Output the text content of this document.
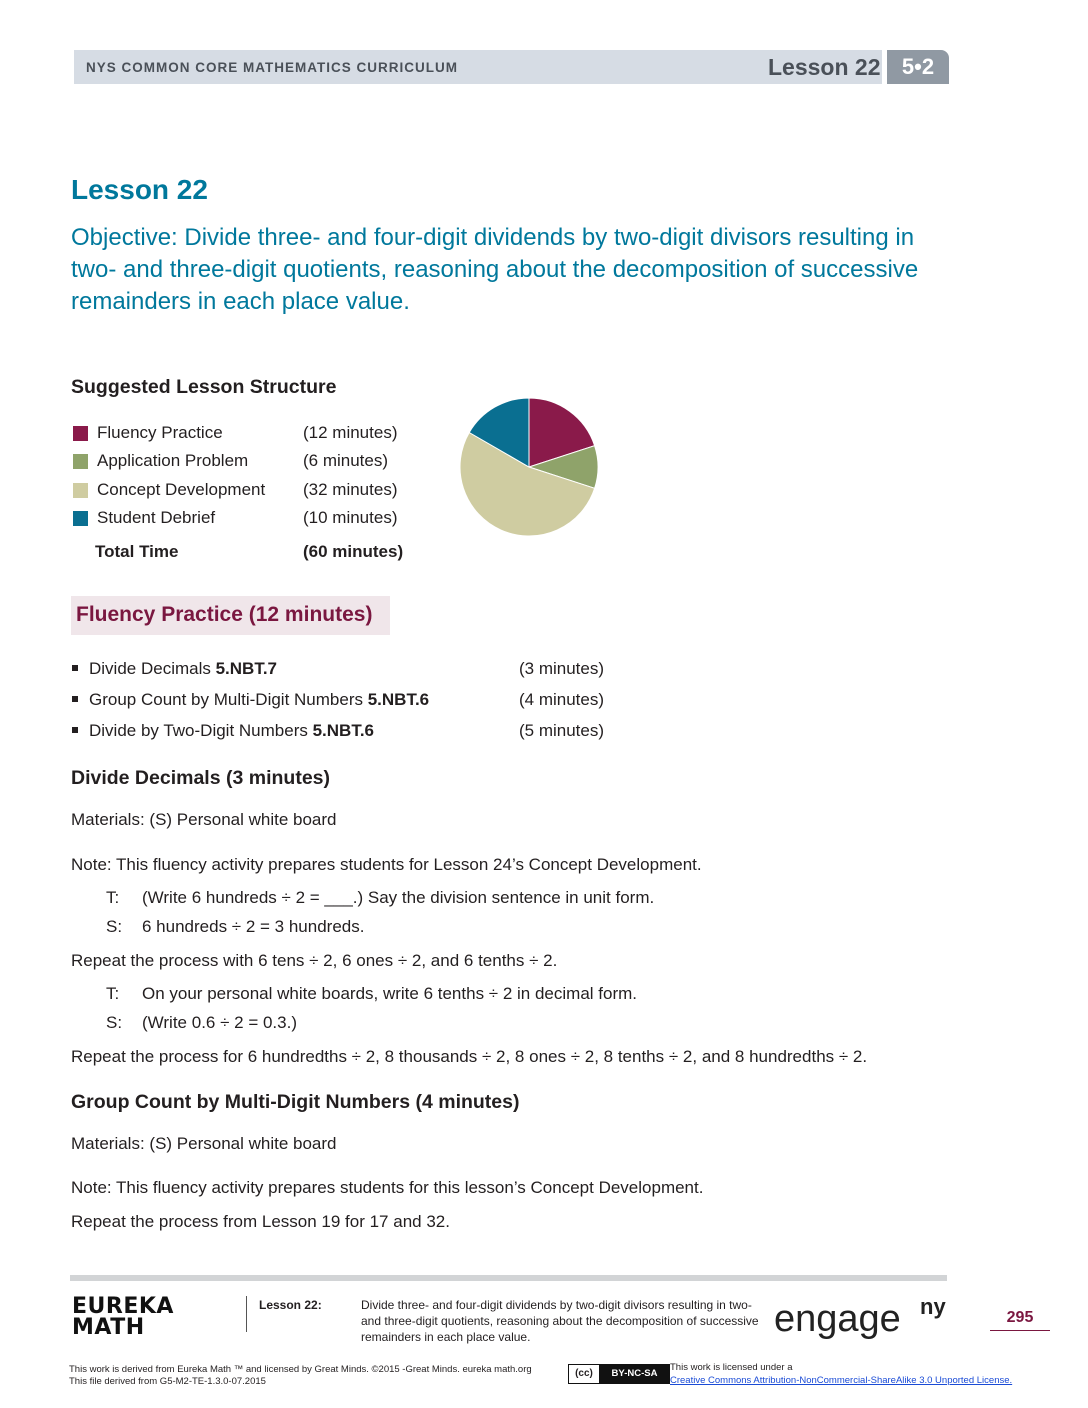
NYS COMMON CORE MATHEMATICS CURRICULUM	Lesson 22 5•2
Lesson 22
Objective: Divide three- and four-digit dividends by two-digit divisors resulting in two- and three-digit quotients, reasoning about the decomposition of successive remainders in each place value.
Suggested Lesson Structure
Fluency Practice	(12 minutes)
Application Problem	(6 minutes)
Concept Development (32 minutes)
Student Debrief	(10 minutes)
Total Time	(60 minutes)
Fluency Practice (12 minutes)
Divide Decimals 5.NBT.7	(3 minutes)
Group Count by Multi-Digit Numbers 5.NBT.6	(4 minutes)
Divide by Two-Digit Numbers 5.NBT.6	(5 minutes)
Divide Decimals (3 minutes)
Materials: (S) Personal white board
Note: This fluency activity prepares students for Lesson 24’s Concept Development.
T: (Write 6 hundreds ÷ 2 = ___.) Say the division sentence in unit form.
S: 6 hundreds ÷ 2 = 3 hundreds.
Repeat the process with 6 tens ÷ 2, 6 ones ÷ 2, and 6 tenths ÷ 2.
T: On your personal white boards, write 6 tenths ÷ 2 in decimal form.
S: (Write 0.6 ÷ 2 = 0.3.)
Repeat the process for 6 hundredths ÷ 2, 8 thousands ÷ 2, 8 ones ÷ 2, 8 tenths ÷ 2, and 8 hundredths ÷ 2.
Group Count by Multi-Digit Numbers (4 minutes)
Materials: (S) Personal white board
Note: This fluency activity prepares students for this lesson’s Concept Development.
Repeat the process from Lesson 19 for 17 and 32.
EUREKA
MATH
Lesson 22:	Divide three- and four-digit dividends by two-digit divisors resulting in two- and three-digit quotients, reasoning about the decomposition of successive remainders in each place value.	engage ny	295
This work is derived from Eureka Math ™ and licensed by Great Minds. ©2015 -Great Minds. eureka math.org
This file derived from G5-M2-TE-1.3.0-07.2015
(cc)	BY-NC-SA
This work is licensed under a
Creative Commons Attribution-NonCommercial-ShareAlike 3.0 Unported License.
